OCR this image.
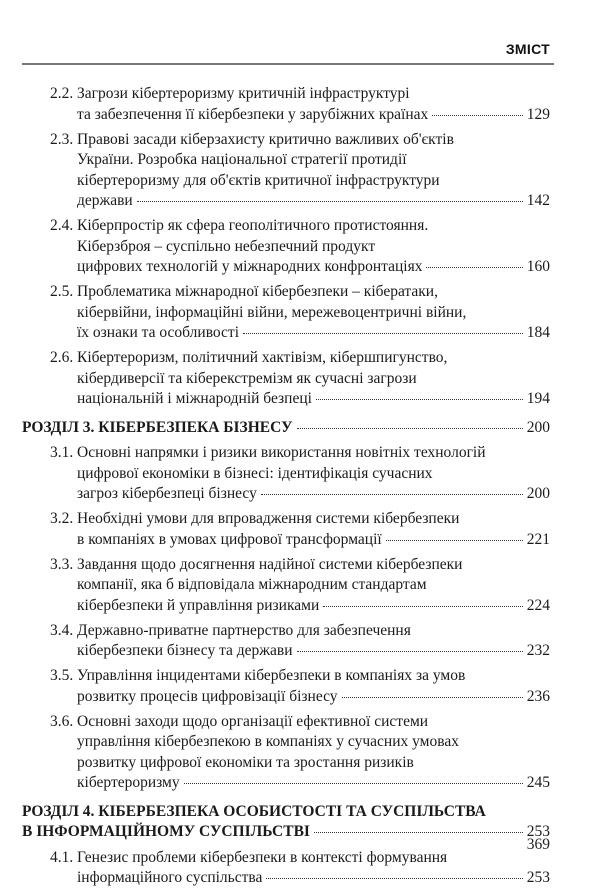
ЗМІСТ
2.2. Загрози кібертероризму критичній інфраструктурі
та забезпечення її кібербезпеки у зарубіжних країнах	129
2.3. Правові засади кіберзахисту критично важливих об'єктів
України. Розробка національної стратегії протидії
кібертероризму для об'єктів критичної інфраструктури
держави	142
2.4. Кіберпростір як сфера геополітичного протистояння.
Кіберзброя – суспільно небезпечний продукт
цифрових технологій у міжнародних конфронтаціях	160
2.5. Проблематика міжнародної кібербезпеки – кібератаки,
кібервійни, інформаційні війни, мережевоцентричні війни,
їх ознаки та особливості	184
2.6. Кібертероризм, політичний хактівізм, кібершпигунство,
кібердиверсії та кіберекстремізм як сучасні загрози
національній і міжнародній безпеці	194
РОЗДІЛ 3. КІБЕРБЕЗПЕКА БІЗНЕСУ	200
3.1. Основні напрямки і ризики використання новітніх технологій
цифрової економіки в бізнесі: ідентифікація сучасних
загроз кібербезпеці бізнесу	200
3.2. Необхідні умови для впровадження системи кібербезпеки
в компаніях в умовах цифрової трансформації	221
3.3. Завдання щодо досягнення надійної системи кібербезпеки
компанії, яка б відповідала міжнародним стандартам
кібербезпеки й управління ризиками	224
3.4. Державно-приватне партнерство для забезпечення
кібербезпеки бізнесу та держави	232
3.5. Управління інцидентами кібербезпеки в компаніях за умов
розвитку процесів цифровізації бізнесу	236
3.6. Основні заходи щодо організації ефективної системи
управління кібербезпекою в компаніях у сучасних умовах
розвитку цифрової економіки та зростання ризиків
кібертероризму	245
РОЗДІЛ 4. КІБЕРБЕЗПЕКА ОСОБИСТОСТІ ТА СУСПІЛЬСТВА
В ІНФОРМАЦІЙНОМУ СУСПІЛЬСТВІ	253
4.1. Генезис проблеми кібербезпеки в контексті формування
інформаційного суспільства	253
369
